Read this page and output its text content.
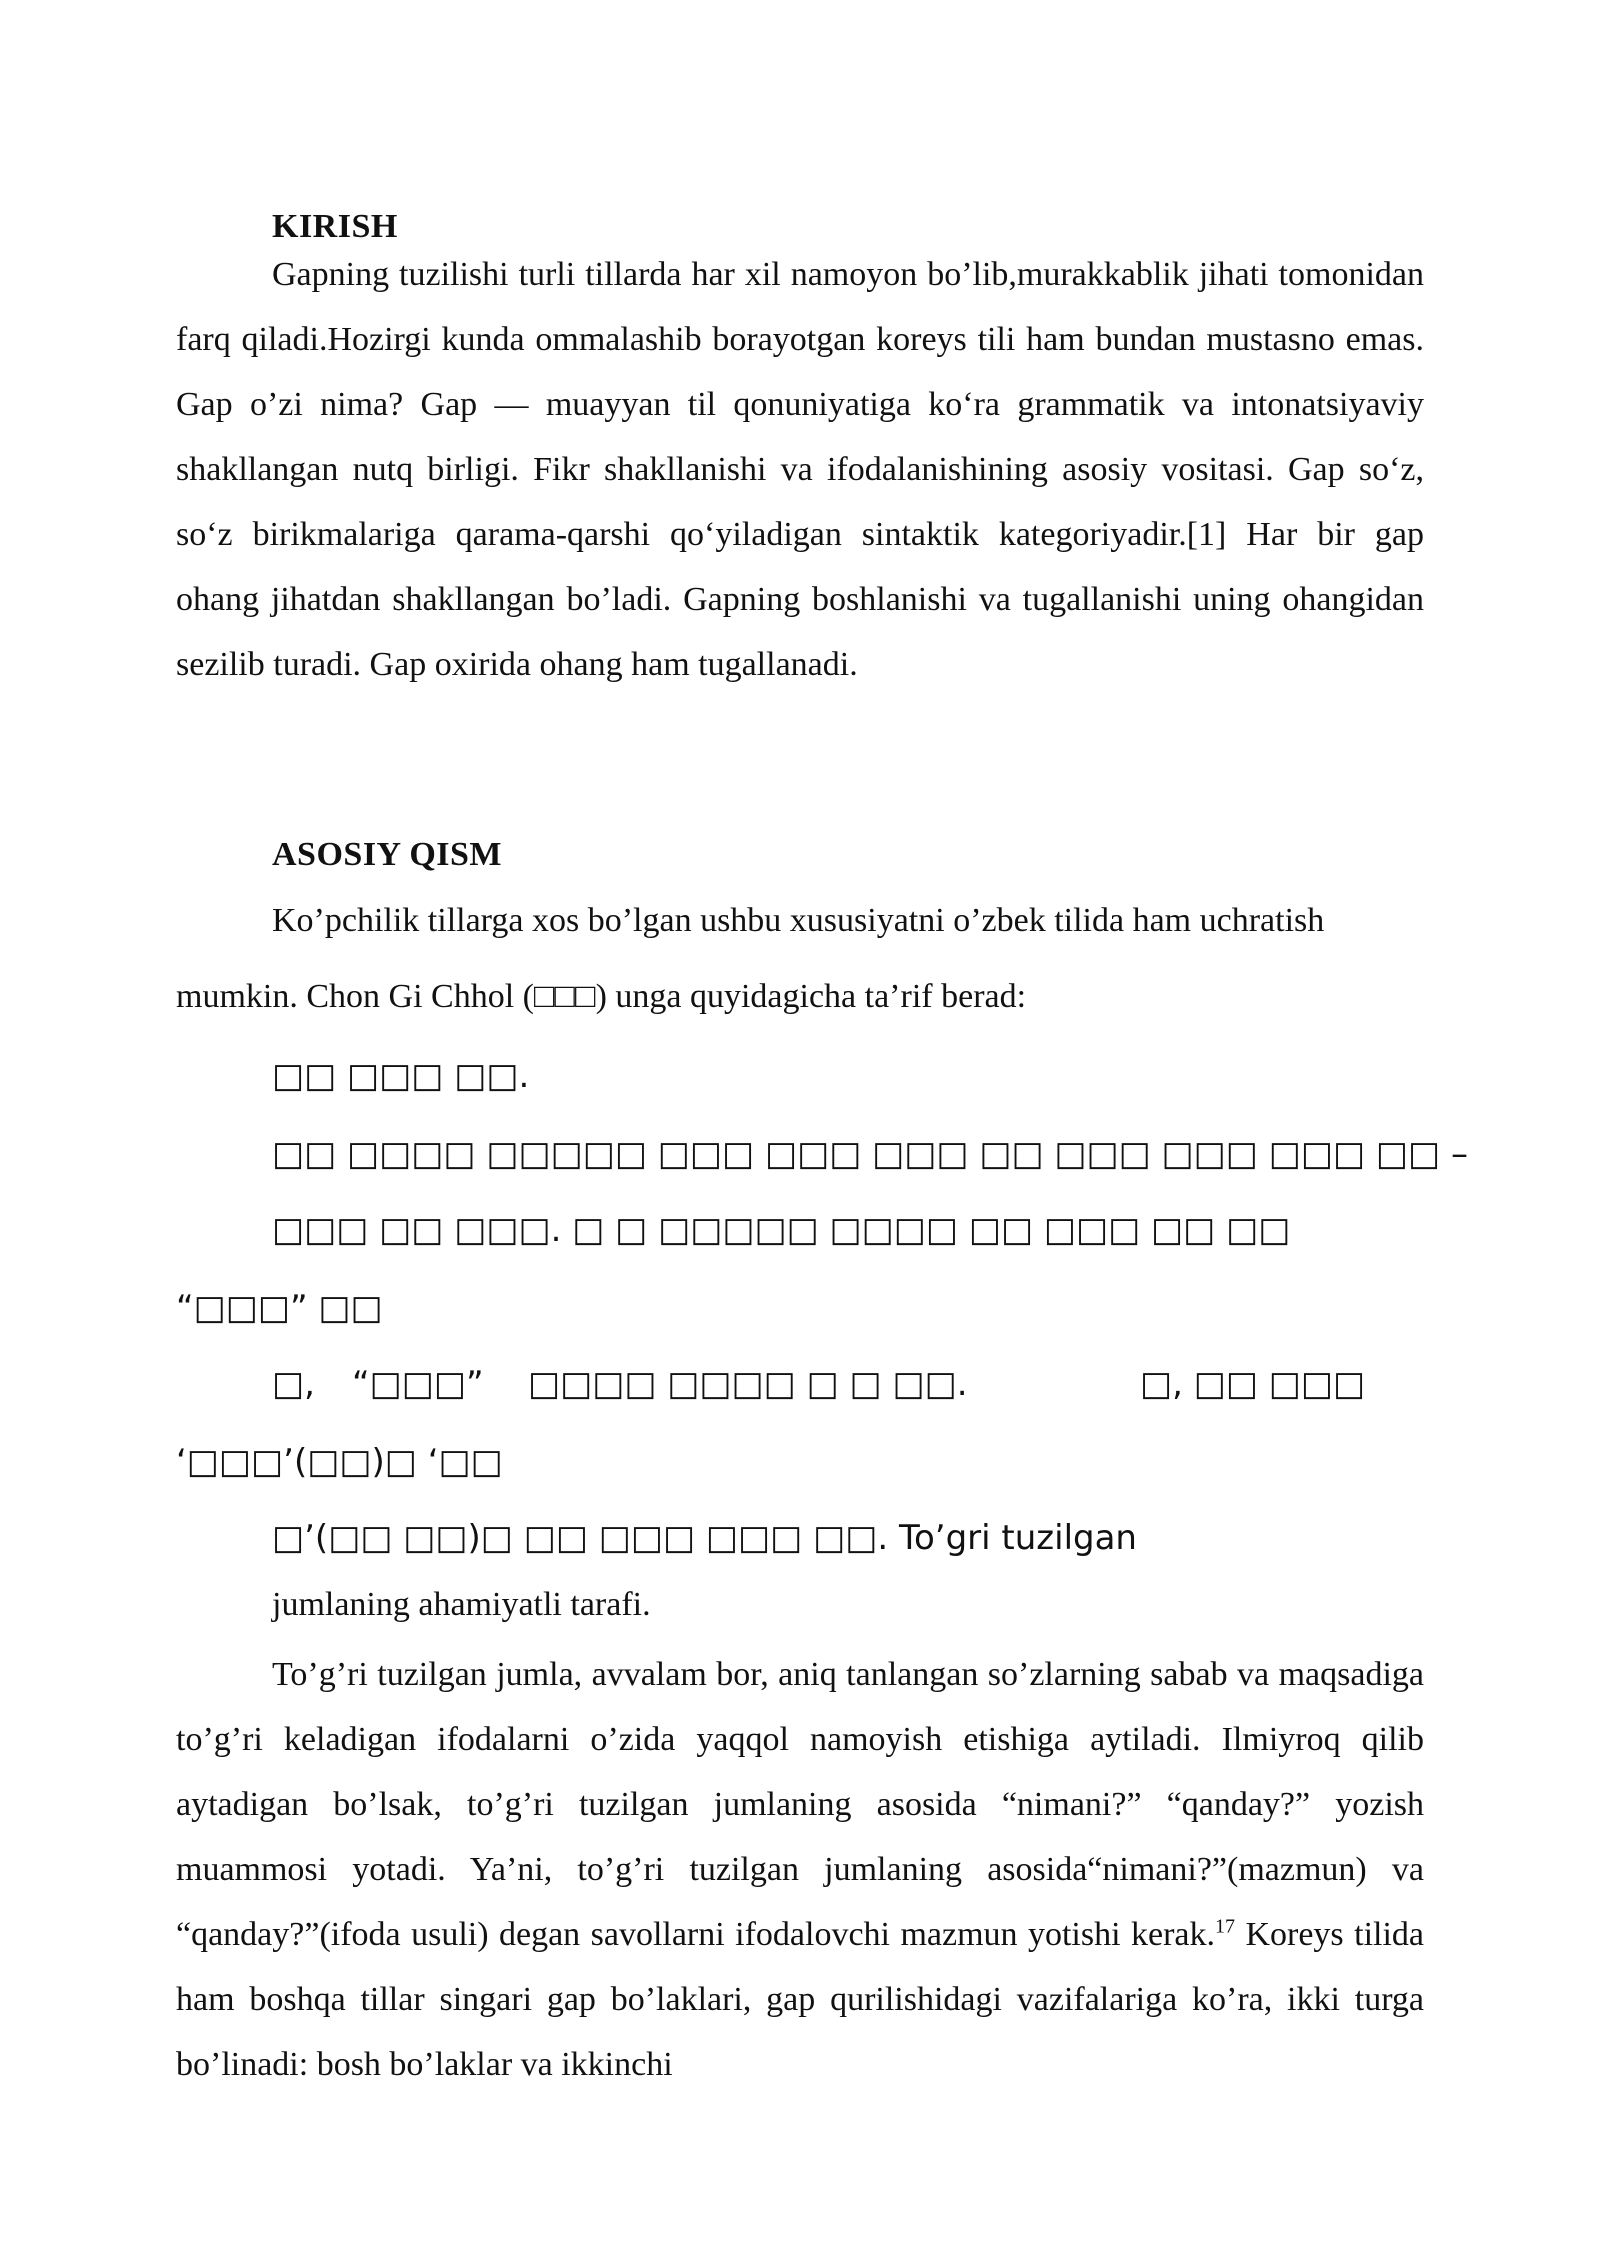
KIRISH

Gapning tuzilishi turli tillarda har xil namoyon bo’lib,murakkablik jihati tomonidan farq qiladi.Hozirgi kunda ommalashib borayotgan koreys tili ham bundan mustasno emas. Gap o’zi nima? Gap — muayyan til qonuniyatiga ko‘ra grammatik va intonatsiyaviy shakllangan nutq birligi. Fikr shakllanishi va ifodalanishining asosiy vositasi. Gap so‘z, so‘z birikmalariga qarama-qarshi qo‘yiladigan sintaktik kategoriyadir.[1] Har bir gap ohang jihatdan shakllangan bo’ladi. Gapning boshlanishi va tugallanishi uning ohangidan sezilib turadi. Gap oxirida ohang ham tugallanadi.

ASOSIY QISM
Ko’pchilik tillarga xos bo’lgan ushbu xususiyatni o’zbek tilida ham uchratish
mumkin. Chon Gi Chhol (□□□) unga quyidagicha ta’rif berad:
□□ □□□ □□.
□□ □□□□ □□□□□ □□□ □□□ □□□ □□ □□□ □□□ □□□ □□ –
□□□ □□ □□□. □ □ □□□□□ □□□□ □□ □□□ □□ □□
“□□□” □□
□, “□□□” □□□□ □□□□ □ □ □□.	□, □□ □□□
‘□□□’(□□)□ ‘□□
□’(□□ □□)□ □□ □□□ □□□ □□. To’gri tuzilgan
jumlaning ahamiyatli tarafi.

To’g’ri tuzilgan jumla, avvalam bor, aniq tanlangan so’zlarning sabab va maqsadiga to’g’ri keladigan ifodalarni o’zida yaqqol namoyish etishiga aytiladi. Ilmiyroq qilib aytadigan bo’lsak, to’g’ri tuzilgan jumlaning asosida “nimani?” “qanday?” yozish muammosi yotadi. Ya’ni, to’g’ri tuzilgan jumlaning asosida“nimani?”(mazmun) va “qanday?”(ifoda usuli) degan savollarni ifodalovchi mazmun yotishi kerak.$^{17}$ Koreys tilida ham boshqa tillar singari gap bo’laklari, gap qurilishidagi vazifalariga ko’ra, ikki turga bo’linadi: bosh bo’laklar va ikkinchi
